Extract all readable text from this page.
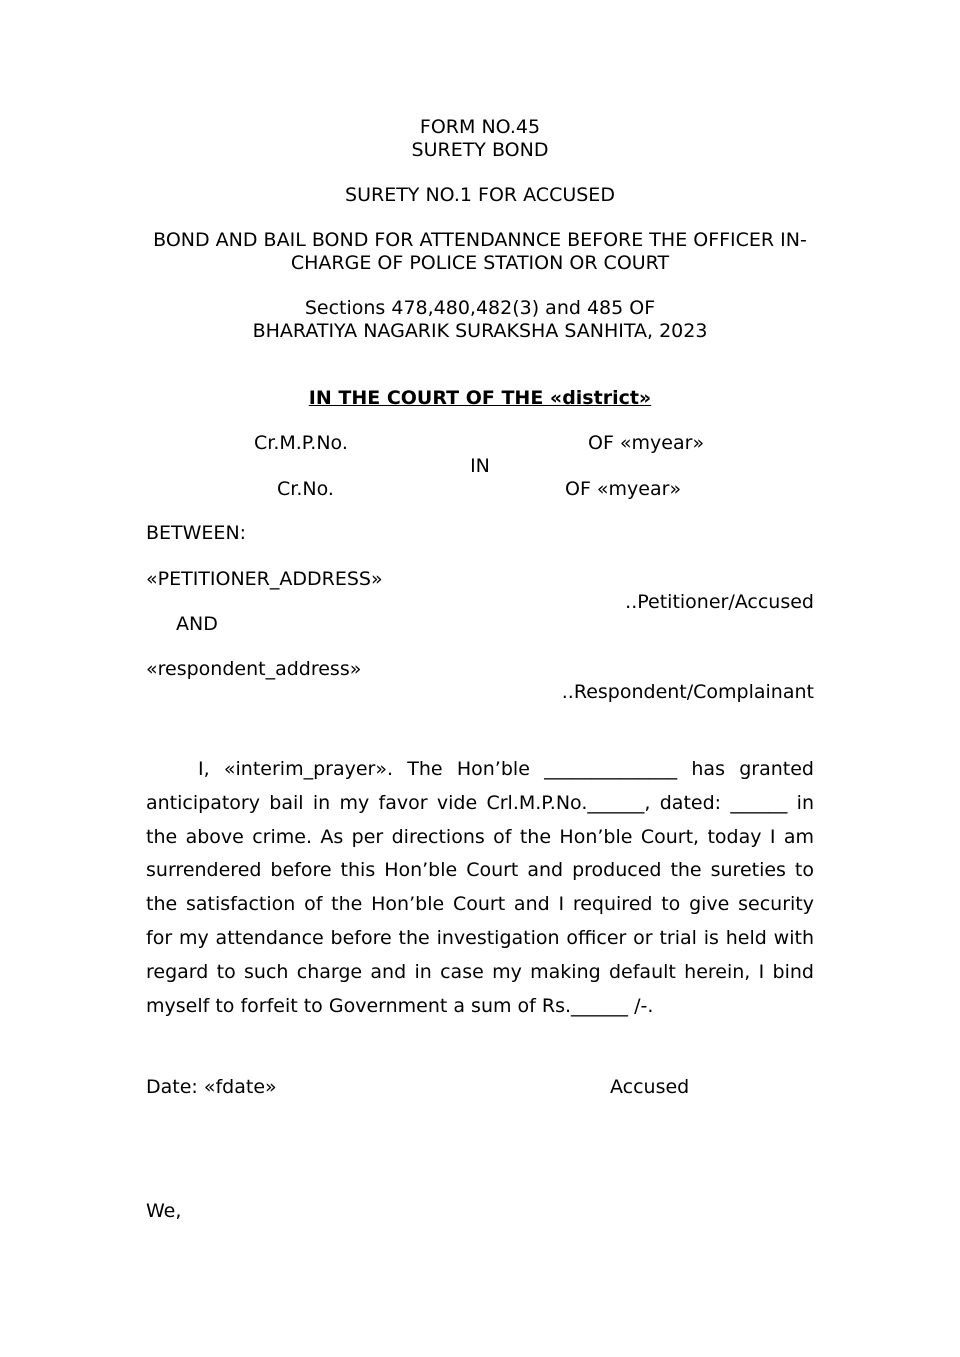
FORM NO.45
SURETY BOND
SURETY NO.1 FOR ACCUSED
BOND AND BAIL BOND FOR ATTENDANNCE BEFORE THE OFFICER IN-
CHARGE OF POLICE STATION OR COURT
Sections 478,480,482(3) and 485 OF
BHARATIYA NAGARIK SURAKSHA SANHITA, 2023
IN THE COURT OF THE «district»
Cr.M.P.No.	OF «myear»
IN
Cr.No.	OF «myear»
BETWEEN:
«PETITIONER_ADDRESS»
..Petitioner/Accused
AND
«respondent_address»
..Respondent/Complainant
I, «interim_prayer». The Hon’ble ______________ has granted anticipatory bail in my favor vide Crl.M.P.No.______, dated: ______ in the above crime. As per directions of the Hon’ble Court, today I am surrendered before this Hon’ble Court and produced the sureties to the satisfaction of the Hon’ble Court and I required to give security for my attendance before the investigation officer or trial is held with regard to such charge and in case my making default herein, I bind myself to forfeit to Government a sum of Rs.______ /-.
Date: «fdate»	Accused
We,
